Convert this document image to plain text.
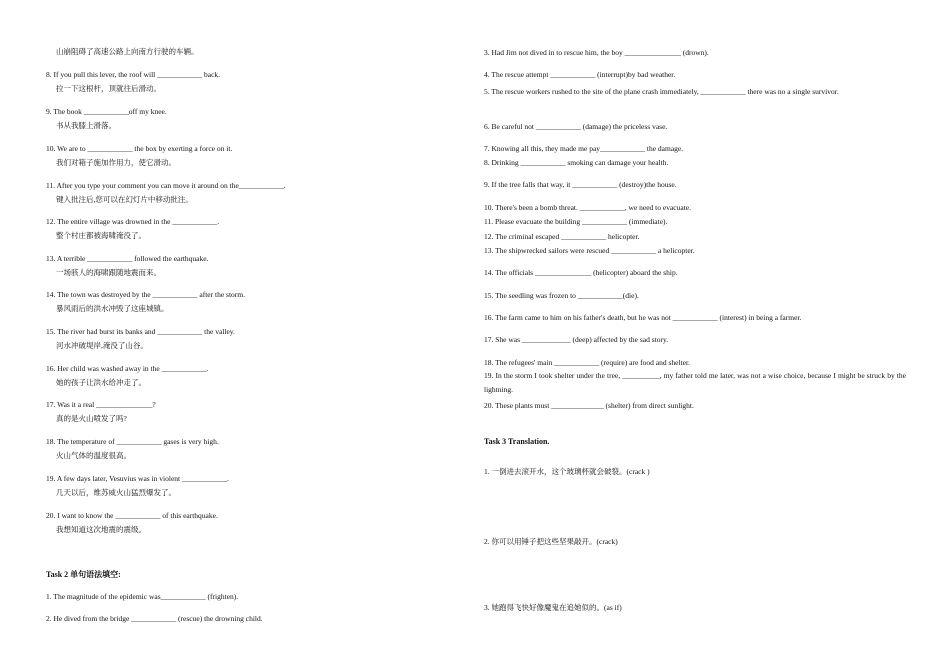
山崩阻碍了高速公路上向南方行驶的车辆。
8. If you pull this lever, the roof will ____________ back.
拉一下这根杆，顶就往后滑动。
9. The book ____________off my knee.
书从我膝上滑落。
10. We are to ____________ the box by exerting a force on it.
我们对箱子施加作用力，使它滑动。
11. After you type your comment you can move it around on the____________.
键入批注后,您可以在幻灯片中移动批注。
12. The entire village was drowned in the ____________.
整个村庄都被海啸淹没了。
13. A terrible ____________ followed the earthquake.
一场骇人的海啸跟随地震而来。
14. The town was destroyed by the ____________ after the storm.
暴风雨后的洪水冲毁了这座城镇。
15. The river had burst its banks and ____________ the valley.
河水冲破堤岸,淹没了山谷。
16. Her child was washed away in the ____________.
她的孩子让洪水给冲走了。
17. Was it a real _______________?
真的是火山喷发了吗?
18. The temperature of ____________ gases is very high.
火山气体的温度很高。
19. A few days later, Vesuvius was in violent ____________.
几天以后，维苏威火山猛烈爆发了。
20. I want to know the ____________ of this earthquake.
我想知道这次地震的震级。
Task 2 单句语法填空:
1. The magnitude of the epidemic was____________ (frighten).
2. He dived from the bridge ____________ (rescue) the drowning child.
3. Had Jim not dived in to rescue him, the boy _______________ (drown).
4. The rescue attempt ____________ (interrupt)by bad weather.
5. The rescue workers rushed to the site of the plane crash immediately, ____________ there was no a single survivor.
6. Be careful not ____________ (damage) the priceless vase.
7. Knowing all this, they made me pay____________ the damage.
8. Drinking ____________ smoking can damage your health.
9. If the tree falls that way, it ____________ (destroy)the house.
10. There's been a bomb threat. ____________, we need to evacuate.
11. Please evacuate the building ____________ (immediate).
12. The criminal escaped ____________ helicopter.
13. The shipwrecked sailors were rescued ____________ a helicopter.
14. The officials _______________ (helicopter) aboard the ship.
15. The seedling was frozen to ____________(die).
16. The farm came to him on his father's death, but he was not ____________ (interest) in being a farmer.
17. She was _____________ (deep) affected by the sad story.
18. The refugees' main ____________ (require) are food and shelter.
19. In the storm I took shelter under the tree, __________, my father told me later, was not a wise choice, because I might be struck by the lightning.
20. These plants must ______________ (shelter) from direct sunlight.
Task 3 Translation.
1. 一倒进去滚开水，这个玻璃杯就会破裂。(crack )
2. 你可以用锤子把这些坚果敲开。(crack)
3. 她跑得飞快好像魔鬼在追她似的。(as if)
